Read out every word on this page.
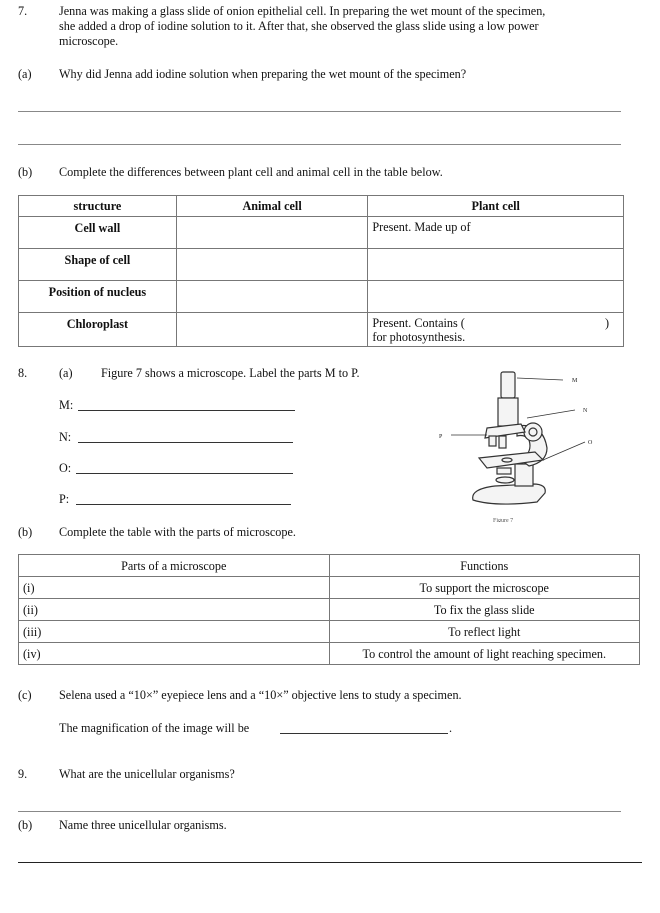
7.	Jenna was making a glass slide of onion epithelial cell. In preparing the wet mount of the specimen,
she added a drop of iodine solution to it. After that, she observed the glass slide using a low power
microscope.
(a) Why did Jenna add iodine solution when preparing the wet mount of the specimen?
(b) Complete the differences between plant cell and animal cell in the table below.
structure	Animal cell	Plant cell
Cell wall		Present. Made up of
Shape of cell		
Position of nucleus		
Chloroplast		Present. Contains ( )
for photosynthesis.
8.	(a) Figure 7 shows a microscope. Label the parts M to P.
M:
N:
O:
P:
M
N
O
P
Figure 7
(b) Complete the table with the parts of microscope.
Parts of a microscope	Functions
(i)	To support the microscope
(ii)	To fix the glass slide
(iii)	To reflect light
(iv)	To control the amount of light reaching specimen.
(c) Selena used a “10×” eyepiece lens and a “10×” objective lens to study a specimen.
The magnification of the image will be	.
9.	What are the unicellular organisms?
(b) Name three unicellular organisms.
